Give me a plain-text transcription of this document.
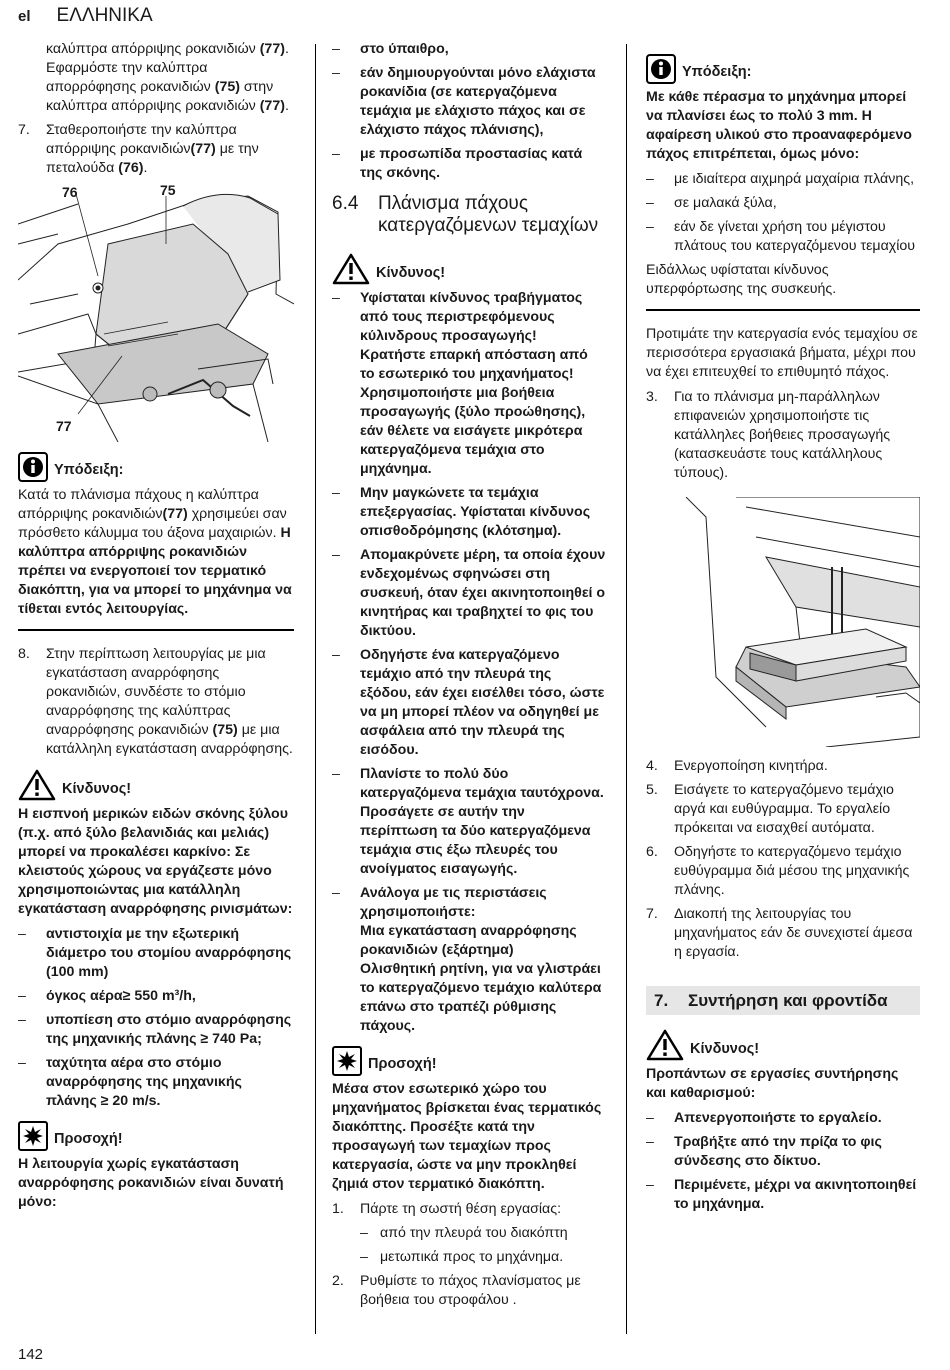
el ΕΛΛΗΝΙΚΑ
καλύπτρα απόρριψης ροκανιδιών (77). Εφαρμόστε την καλύπτρα απορρόφησης ροκανιδιών (75) στην καλύπτρα απόρριψης ροκανιδιών (77).
7.	Σταθεροποιήστε την καλύπτρα απόρριψης ροκανιδιών(77) με την πεταλούδα (76).
76	75
77
Υπόδειξη:

Κατά το πλάνισμα πάχους η καλύπτρα απόρριψης ροκανιδιών(77) χρησιμεύει σαν πρόσθετο κάλυμμα του άξονα μαχαιριών. Η καλύπτρα απόρριψης ροκανιδιών πρέπει να ενεργοποιεί τον τερματικό διακόπτη, για να μπορεί το μηχάνημα να τίθεται εντός λειτουργίας.

8.	Στην περίπτωση λειτουργίας με μια εγκατάσταση αναρρόφησης ροκανιδιών, συνδέστε το στόμιο αναρρόφησης της καλύπτρας αναρρόφησης ροκανιδιών (75) με μια κατάλληλη εγκατάσταση αναρρόφησης.
Κίνδυνος!

Η εισπνοή μερικών ειδών σκόνης ξύλου (π.χ. από ξύλο βελανιδιάς και μελιάς) μπορεί να προκαλέσει καρκίνο: Σε κλειστούς χώρους να εργάζεστε μόνο χρησιμοποιώντας μια κατάλληλη εγκατάσταση αναρρόφησης ρινισμάτων:

–	αντιστοιχία με την εξωτερική διάμετρο του στομίου αναρρόφησης (100 mm)
–	όγκος αέρα≥ 550 m³/h,
–	υποπίεση στο στόμιο αναρρόφησης της μηχανικής πλάνης ≥ 740 Pa;
–	ταχύτητα αέρα στο στόμιο αναρρόφησης της μηχανικής πλάνης ≥ 20 m/s.
Προσοχή!

Η λειτουργία χωρίς εγκατάσταση αναρρόφησης ροκανιδιών είναι δυνατή μόνο:

–	στο ύπαιθρο,
–	εάν δημιουργούνται μόνο ελάχιστα ροκανίδια (σε κατεργαζόμενα τεμάχια με ελάχιστο πάχος και σε ελάχιστο πάχος πλάνισης),
–	με προσωπίδα προστασίας κατά της σκόνης.
6.4	Πλάνισμα πάχους κατεργαζόμενων τεμαχίων
Κίνδυνος!
–	Υφίσταται κίνδυνος τραβήγματος από τους περιστρεφόμενους κύλινδρους προσαγωγής! Κρατήστε επαρκή απόσταση από το εσωτερικό του μηχανήματος! Χρησιμοποιήστε μια βοήθεια προσαγωγής (ξύλο προώθησης), εάν θέλετε να εισάγετε μικρότερα κατεργαζόμενα τεμάχια στο μηχάνημα.
–	Μην μαγκώνετε τα τεμάχια επεξεργασίας. Υφίσταται κίνδυνος οπισθοδρόμησης (κλότσημα).
–	Απομακρύνετε μέρη, τα οποία έχουν ενδεχομένως σφηνώσει στη συσκευή, όταν έχει ακινητοποιηθεί ο κινητήρας και τραβηχτεί το φις του δικτύου.
–	Οδηγήστε ένα κατεργαζόμενο τεμάχιο από την πλευρά της εξόδου, εάν έχει εισέλθει τόσο, ώστε να μη μπορεί πλέον να οδηγηθεί με ασφάλεια από την πλευρά της εισόδου.
–	Πλανίστε το πολύ δύο κατεργαζόμενα τεμάχια ταυτόχρονα. Προσάγετε σε αυτήν την περίπτωση τα δύο κατεργαζόμενα τεμάχια στις έξω πλευρές του ανοίγματος εισαγωγής.
–	Ανάλογα με τις περιστάσεις χρησιμοποιήστε:
Μια εγκατάσταση αναρρόφησης ροκανιδιών (εξάρτημα)
Ολισθητική ρητίνη, για να γλιστράει το κατεργαζόμενο τεμάχιο καλύτερα επάνω στο τραπέζι ρύθμισης πάχους.
Προσοχή!

Μέσα στον εσωτερικό χώρο του μηχανήματος βρίσκεται ένας τερματικός διακόπτης. Προσέξτε κατά την προσαγωγή των τεμαχίων προς κατεργασία, ώστε να μην προκληθεί ζημιά στον τερματικό διακόπτη.

1.	Πάρτε τη σωστή θέση εργασίας:
– από την πλευρά του διακόπτη
– μετωπικά προς το μηχάνημα.
2.	Ρυθμίστε το πάχος πλανίσματος με βοήθεια του στροφάλου .
Υπόδειξη:

Με κάθε πέρασμα το μηχάνημα μπορεί να πλανίσει έως το πολύ 3 mm. Η αφαίρεση υλικού στο προαναφερόμενο πάχος επιτρέπεται, όμως μόνο:

–	με ιδιαίτερα αιχμηρά μαχαίρια πλάνης,
–	σε μαλακά ξύλα,
–	εάν δε γίνεται χρήση του μέγιστου πλάτους του κατεργαζόμενου τεμαχίου

Ειδάλλως υφίσταται κίνδυνος υπερφόρτωσης της συσκευής.

Προτιμάτε την κατεργασία ενός τεμαχίου σε περισσότερα εργασιακά βήματα, μέχρι που να έχει επιτευχθεί το επιθυμητό πάχος.

3.	Για το πλάνισμα μη-παράλληλων επιφανειών χρησιμοποιήστε τις κατάλληλες βοήθειες προσαγωγής (κατασκευάστε τους κατάλληλους τύπους).
4.	Ενεργοποίηση κινητήρα.
5.	Εισάγετε το κατεργαζόμενο τεμάχιο αργά και ευθύγραμμα. Το εργαλείο πρόκειται να εισαχθεί αυτόματα.
6.	Οδηγήστε το κατεργαζόμενο τεμάχιο ευθύγραμμα διά μέσου της μηχανικής πλάνης.
7.	Διακοπή της λειτουργίας του μηχανήματος εάν δε συνεχιστεί άμεσα η εργασία.
7.	Συντήρηση και φροντίδα
Κίνδυνος!

Προπάντων σε εργασίες συντήρησης και καθαρισμού:

–	Απενεργοποιήστε το εργαλείο.
–	Τραβήξτε από την πρίζα το φις σύνδεσης στο δίκτυο.
–	Περιμένετε, μέχρι να ακινητοποιηθεί το μηχάνημα.
142
